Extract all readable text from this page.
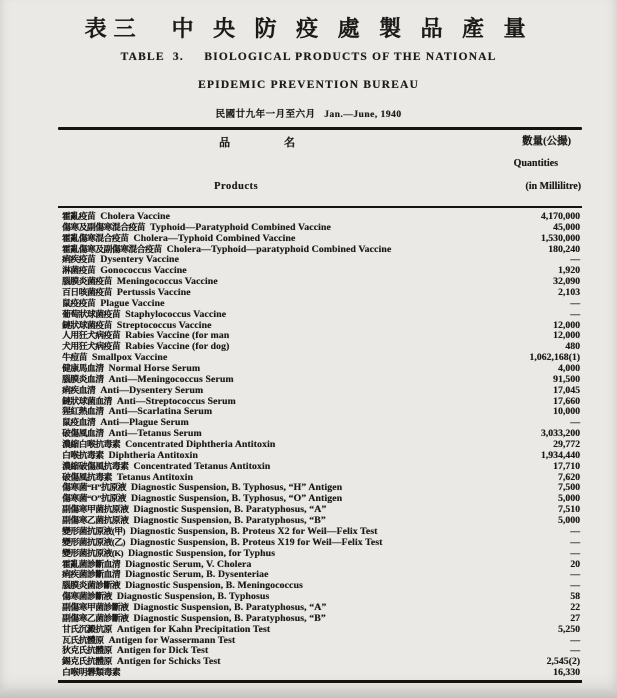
表三　中 央 防 疫 處 製 品 產 量
TABLE  3.     BIOLOGICAL PRODUCTS OF THE NATIONAL
EPIDEMIC PREVENTION BUREAU
民國廿九年一月至六月   Jan.—June, 1940
品	名	數量(公撮)
Quantities
Products	(in Millilitre)
霍亂疫苗 Cholera Vaccine	4,170,000
傷寒及副傷寒混合疫苗 Typhoid—Paratyphoid Combined Vaccine	45,000
霍亂傷寒混合疫苗 Cholera—Typhoid Combined Vaccine	1,530,000
霍亂傷寒及副傷寒混合疫苗 Cholera—Typhoid—paratyphoid Combined Vaccine	180,240
痢疾疫苗 Dysentery Vaccine	—
淋菌疫苗 Gonococcus Vaccine	1,920
腦膜炎菌疫苗 Meningococcus Vaccine	32,090
百日咳菌疫苗 Pertussis Vaccine	2,103
鼠疫疫苗 Plague Vaccine	—
葡萄狀球菌疫苗 Staphylococcus Vaccine	—
鏈狀球菌疫苗 Streptococcus Vaccine	12,000
人用狂犬病疫苗 Rabies Vaccine (for man	12,000
犬用狂犬病疫苗 Rabies Vaccine (for dog)	480
牛痘苗 Smallpox Vaccine	1,062,168(1)
健康馬血清 Normal Horse Serum	4,000
腦膜炎血清 Anti—Meningococcus Serum	91,500
痢疾血清 Anti—Dysentery Serum	17,045
鏈狀球菌血清 Anti—Streptococcus Serum	17,660
猩紅熱血清 Anti—Scarlatina Serum	10,000
鼠疫血清 Anti—Plague Serum	—
破傷風血清 Anti—Tetanus Serum	3,033,200
濃縮白喉抗毒素 Concentrated Diphtheria Antitoxin	29,772
白喉抗毒素 Diphtheria Antitoxin	1,934,440
濃縮破傷風抗毒素 Concentrated Tetanus Antitoxin	17,710
破傷風抗毒素 Tetanus Antitoxin	7,620
傷寒菌“H”抗原液 Diagnostic Suspension, B. Typhosus, “H” Antigen	7,500
傷寒菌“O”抗原液 Diagnostic Suspension, B. Typhosus, “O” Antigen	5,000
副傷寒甲菌抗原液 Diagnostic Suspension, B. Paratyphosus, “A”	7,510
副傷寒乙菌抗原液 Diagnostic Suspension, B. Paratyphosus, “B”	5,000
變形菌抗原液(甲) Diagnostic Suspension, B. Proteus X2 for Weil—Felix Test	—
變形菌抗原液(乙) Diagnostic Suspension, B. Proteus X19 for Weil—Felix Test	—
變形菌抗原液(K) Diagnostic Suspension, for Typhus	—
霍亂菌診斷血清 Diagnostic Serum, V. Cholera	20
痢疾菌診斷血清 Diagnostic Serum, B. Dysenteriae	—
腦膜炎菌診斷液 Diagnostic Suspension, B. Meningococcus	—
傷寒菌診斷液 Diagnostic Suspension, B. Typhosus	58
副傷寒甲菌診斷液 Diagnostic Suspension, B. Paratyphosus, “A”	22
副傷寒乙菌診斷液 Diagnostic Suspension, B. Paratyphosus, “B”	27
甘氏沉澱抗原 Antigen for Kahn Precipitation Test	5,250
瓦氏抗體原 Antigen for Wassermann Test	—
狄克氏抗體原 Antigen for Dick Test	—
錫克氏抗體原 Antigen for Schicks Test	2,545(2)
白喉明礬類毒素	16,330
